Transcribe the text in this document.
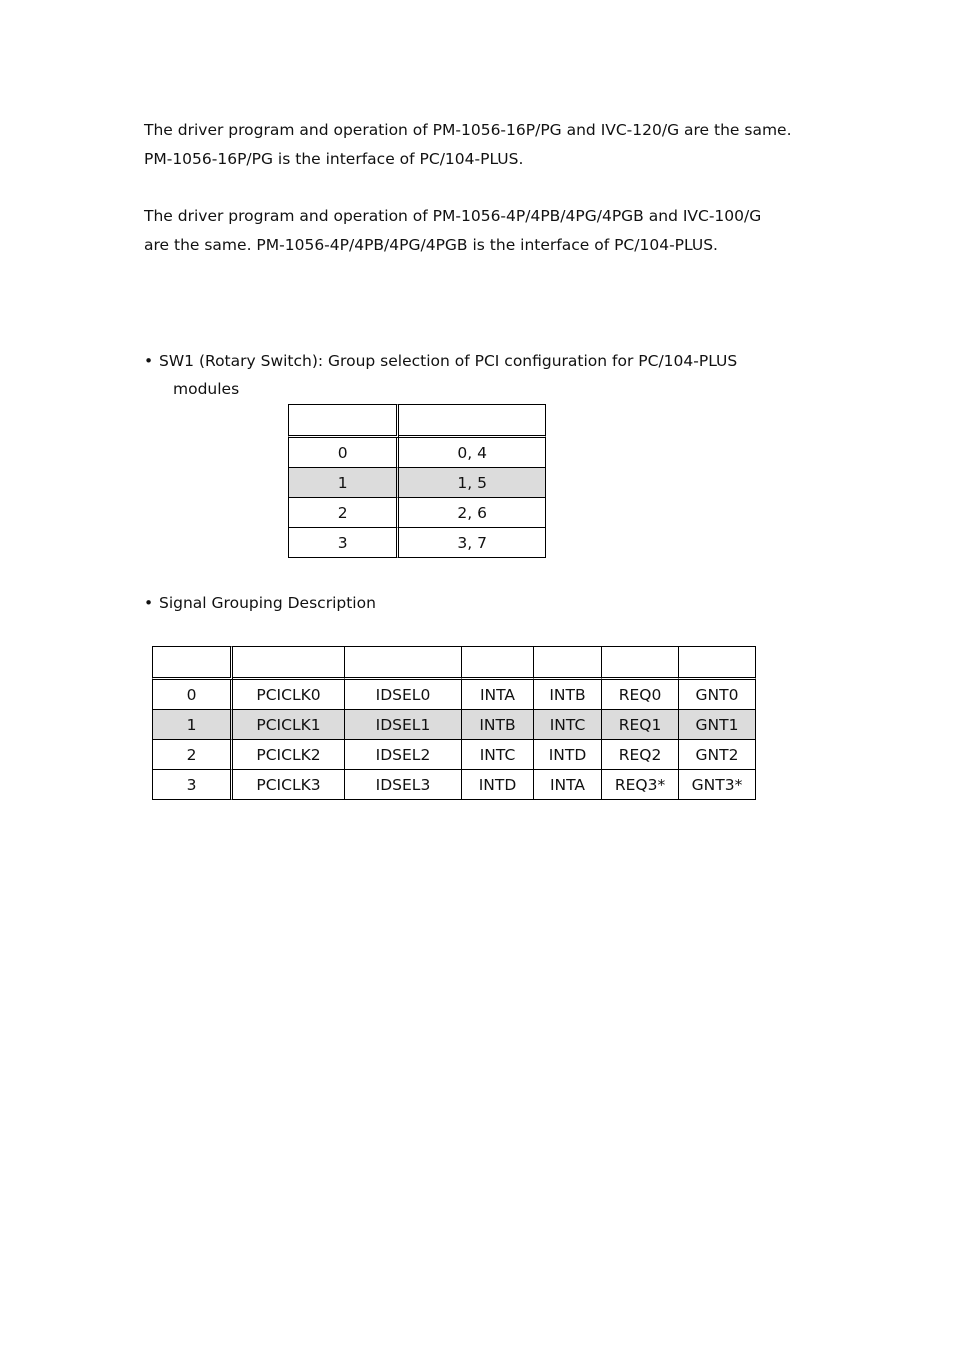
The driver program and operation of PM-1056-16P/PG and IVC-120/G are the same.
PM-1056-16P/PG is the interface of PC/104-PLUS.

The driver program and operation of PM-1056-4P/4PB/4PG/4PGB and IVC-100/G
are the same. PM-1056-4P/4PB/4PG/4PGB is the interface of PC/104-PLUS.

• SW1 (Rotary Switch): Group selection of PCI configuration for PC/104-PLUS
modules

0	0, 4
1	1, 5
2	2, 6
3	3, 7

• Signal Grouping Description

0	PCICLK0	IDSEL0	INTA	INTB	REQ0	GNT0
1	PCICLK1	IDSEL1	INTB	INTC	REQ1	GNT1
2	PCICLK2	IDSEL2	INTC	INTD	REQ2	GNT2
3	PCICLK3	IDSEL3	INTD	INTA	REQ3*	GNT3*
